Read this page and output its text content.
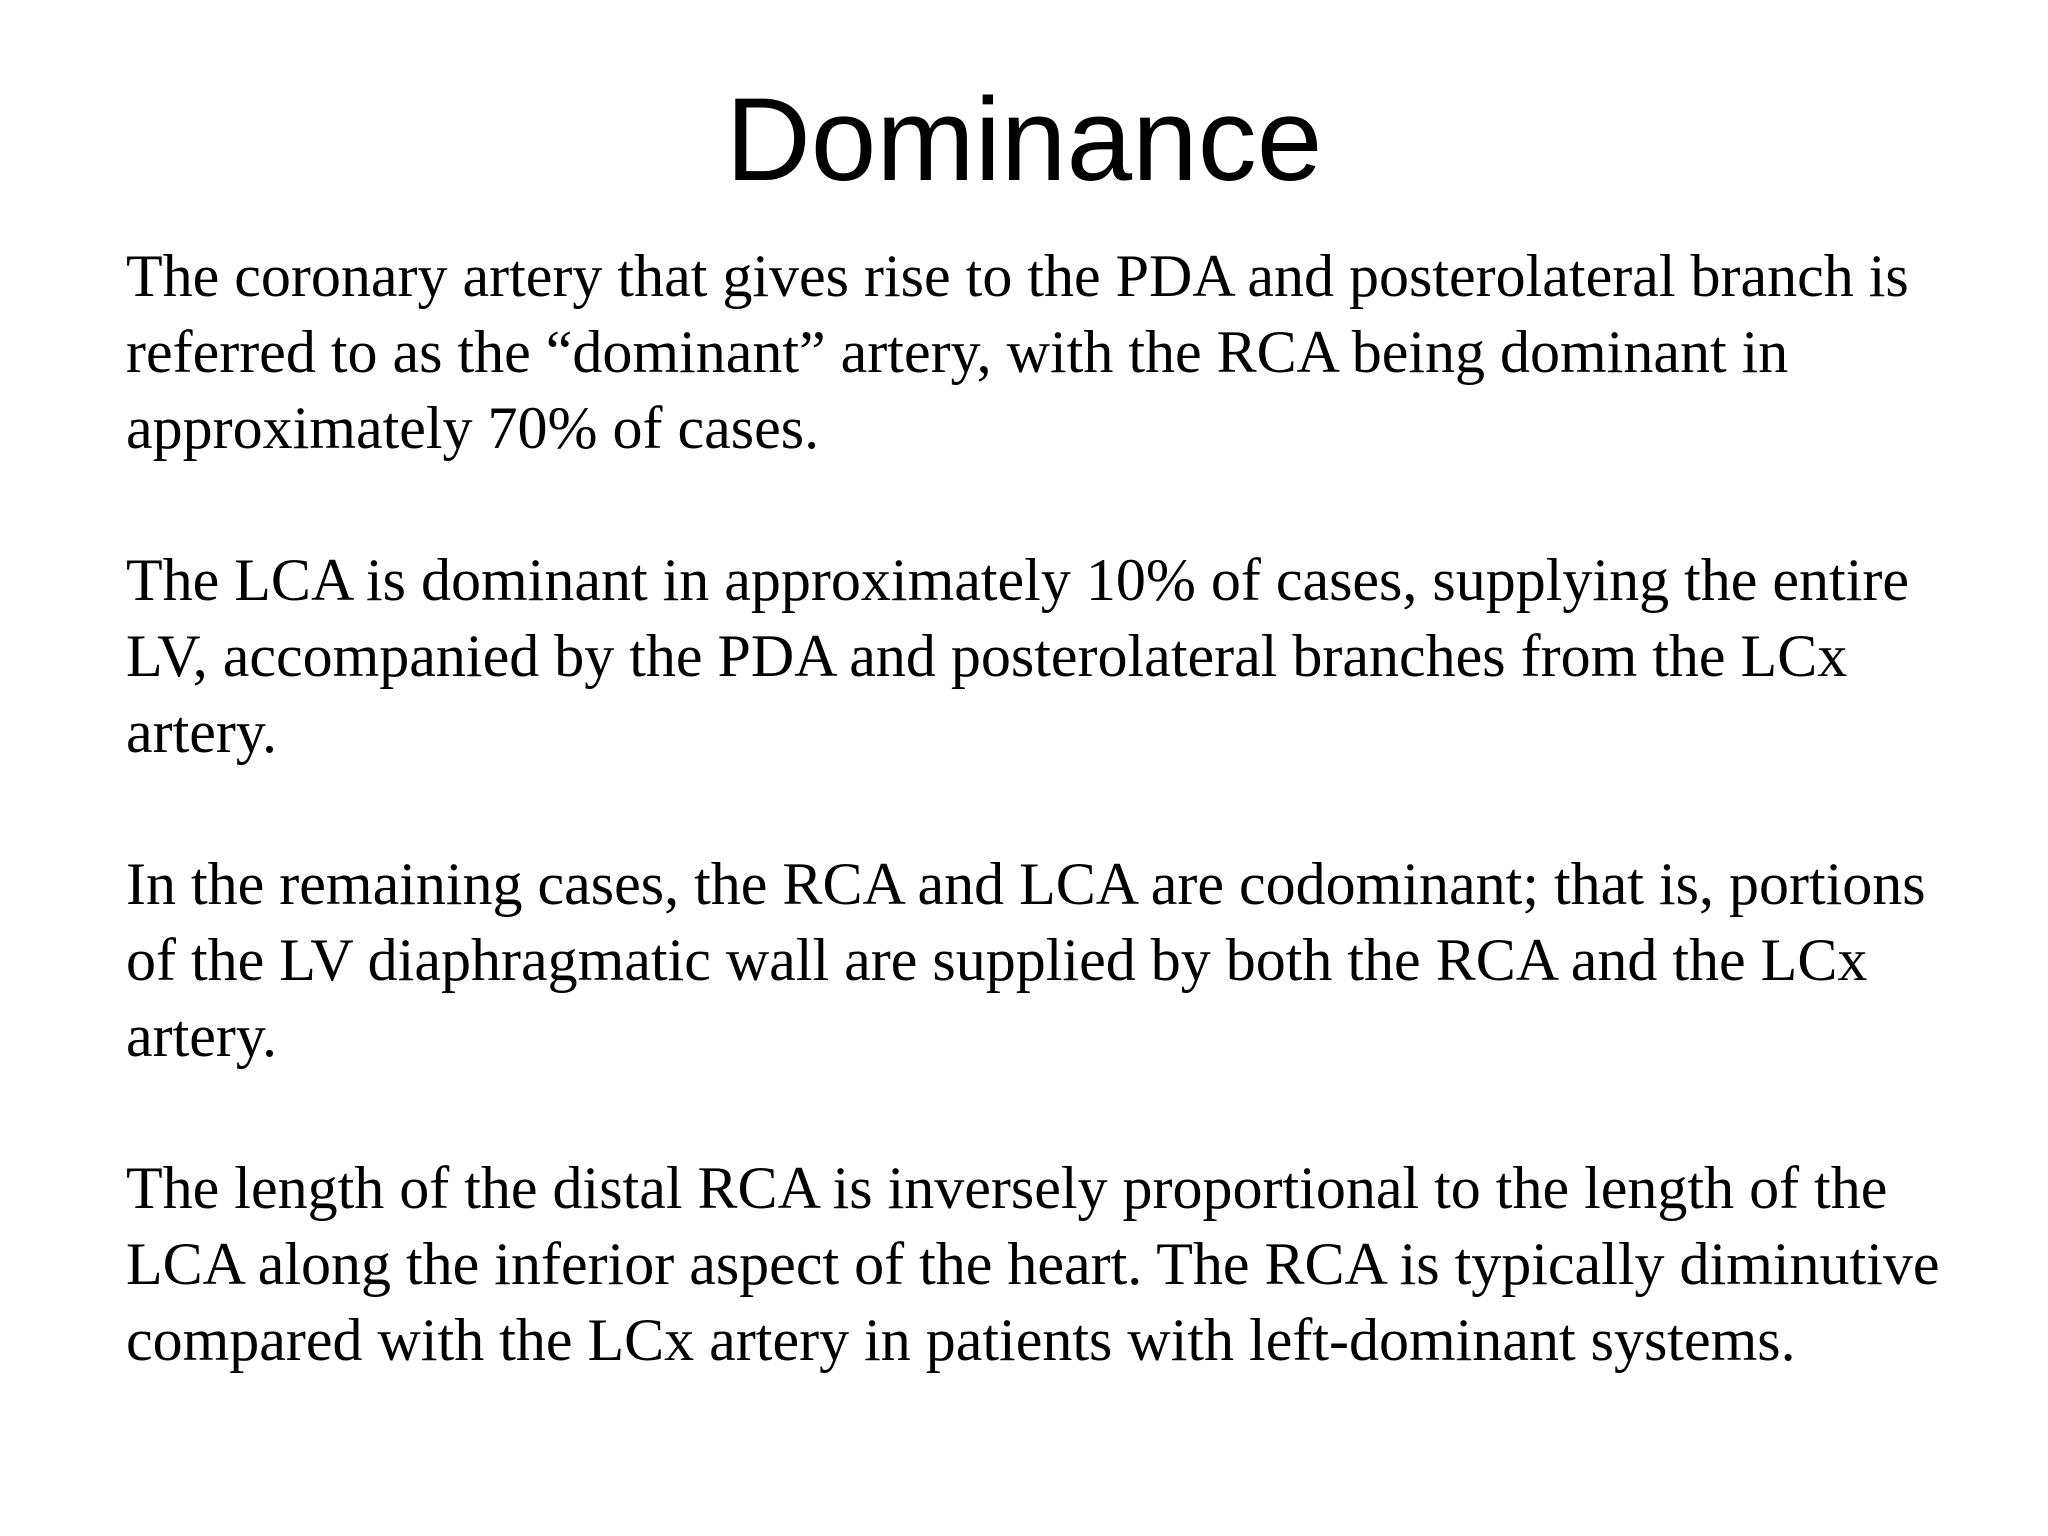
Dominance

The coronary artery that gives rise to the PDA and posterolateral branch is referred to as the “dominant” artery, with the RCA being dominant in approximately 70% of cases.

The LCA is dominant in approximately 10% of cases, supplying the entire LV, accompanied by the PDA and posterolateral branches from the LCx artery.

In the remaining cases, the RCA and LCA are codominant; that is, portions of the LV diaphragmatic wall are supplied by both the RCA and the LCx artery.

The length of the distal RCA is inversely proportional to the length of the LCA along the inferior aspect of the heart. The RCA is typically diminutive compared with the LCx artery in patients with left-dominant systems.
